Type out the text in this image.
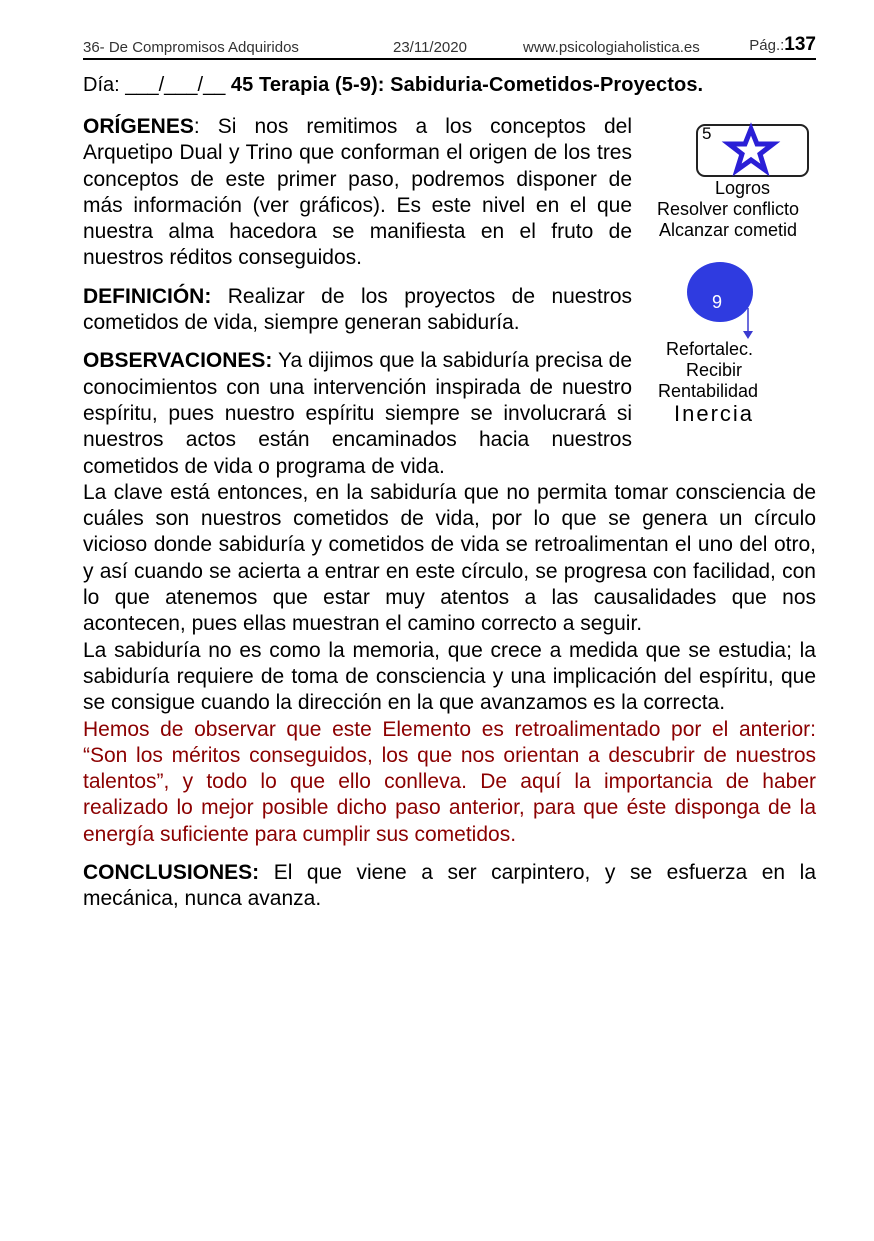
36- De Compromisos Adquiridos	23/11/2020	www.psicologiaholistica.es	Pág.:137
Día: ___/___/__ 45 Terapia (5-9): Sabiduria-Cometidos-Proyectos.
5
9
Logros
Resolver conflicto
Alcanzar cometid
Refortalec.
Recibir
Rentabilidad
Inercia

ORÍGENES: Si nos remitimos a los conceptos del Arquetipo Dual y Trino que conforman el origen de los tres conceptos de este primer paso, podremos disponer de más información (ver gráficos). Es este nivel en el que nuestra alma hacedora se manifiesta en el fruto de nuestros réditos conseguidos.

DEFINICIÓN: Realizar de los proyectos de nuestros cometidos de vida, siempre generan sabiduría.

OBSERVACIONES: Ya dijimos que la sabiduría precisa de conocimientos con una intervención inspirada de nuestro espíritu, pues nuestro espíritu siempre se involucrará si nuestros actos están encaminados hacia nuestros cometidos de vida o programa de vida.

La clave está entonces, en la sabiduría que no permita tomar consciencia de cuáles son nuestros cometidos de vida, por lo que se genera un círculo vicioso donde sabiduría y cometidos de vida se retroalimentan el uno del otro, y así cuando se acierta a entrar en este círculo, se progresa con facilidad, con lo que atenemos que estar muy atentos a las causalidades que nos acontecen, pues ellas muestran el camino correcto a seguir.

La sabiduría no es como la memoria, que crece a medida que se estudia; la sabiduría requiere de toma de consciencia y una implicación del espíritu, que se consigue cuando la dirección en la que avanzamos es la correcta.

Hemos de observar que este Elemento es retroalimentado por el anterior: “Son los méritos conseguidos, los que nos orientan a descubrir de nuestros talentos”, y todo lo que ello conlleva. De aquí la importancia de haber realizado lo mejor posible dicho paso anterior, para que éste disponga de la energía suficiente para cumplir sus cometidos.

CONCLUSIONES: El que viene a ser carpintero, y se esfuerza en la mecánica, nunca avanza.
